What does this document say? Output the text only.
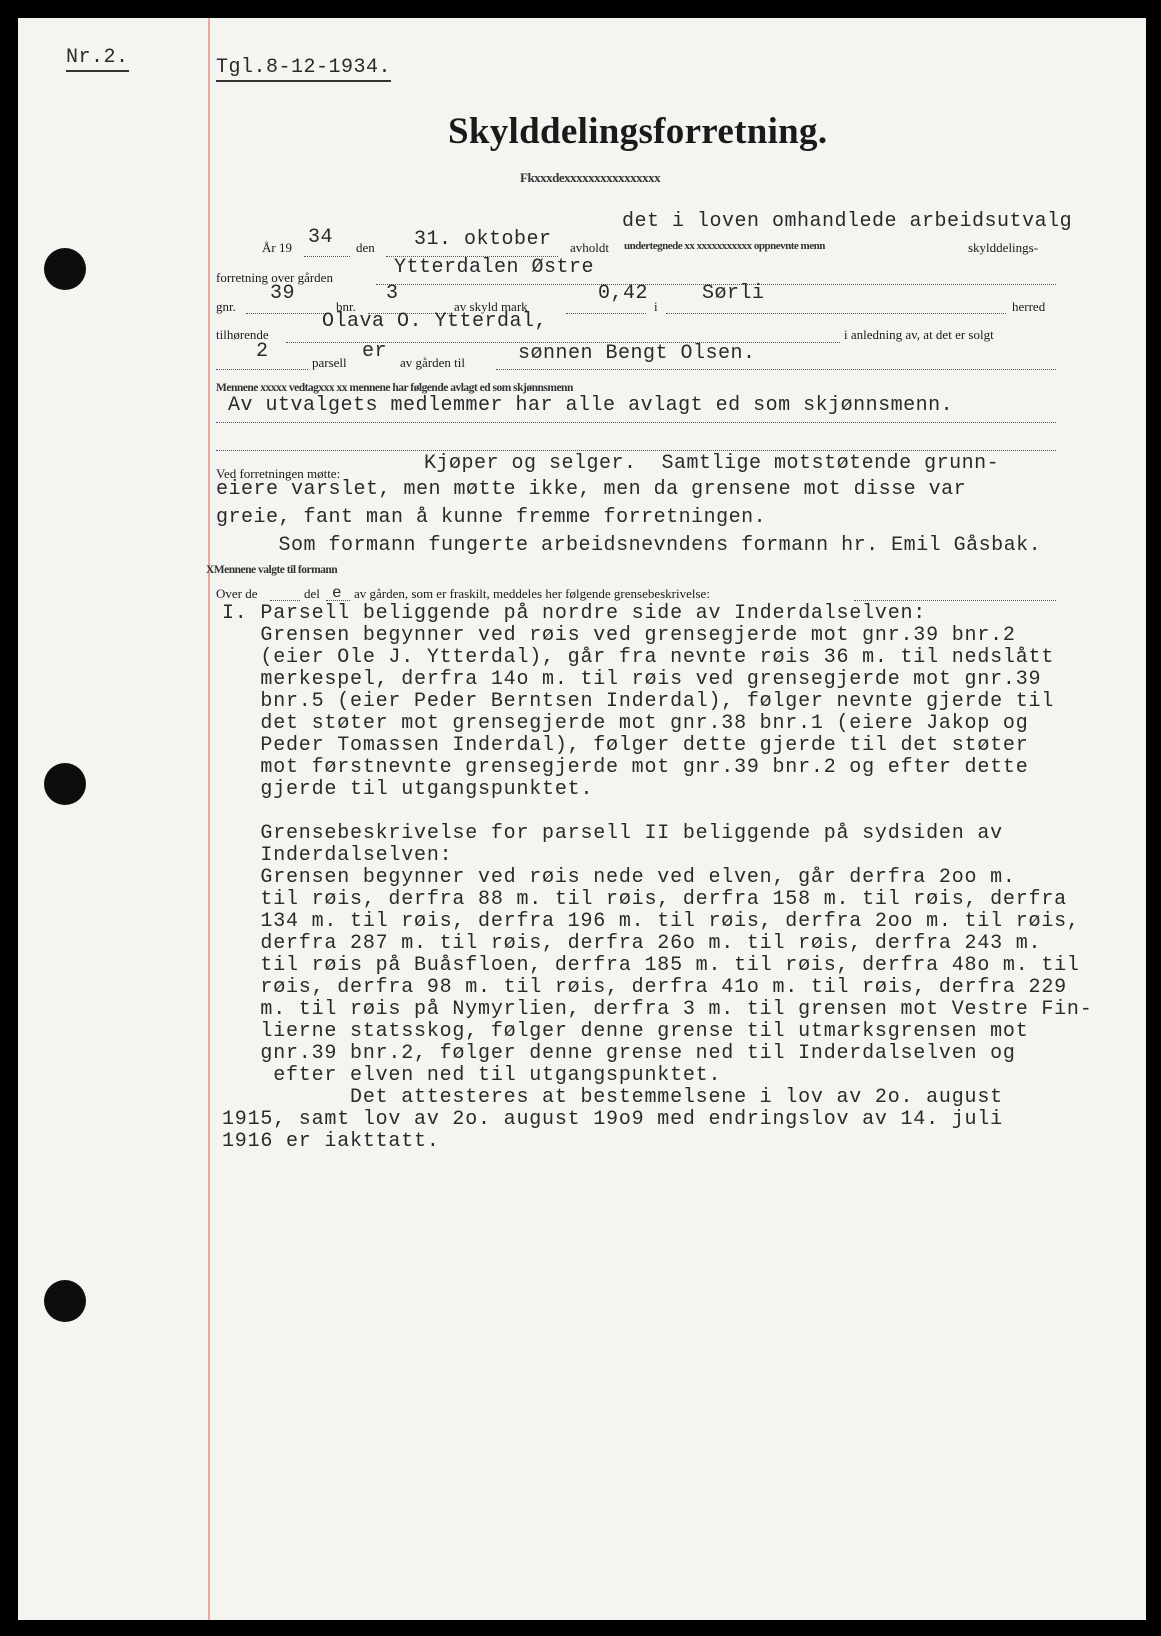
Nr.2.	Tgl.8-12-1934.
Skylddelingsforretning.
Fkxxxdexxxxxxxxxxxxxxxx
det i loven omhandlede arbeidsutvalg
År 19 34 den 31. oktober avholdt undertegnede xx xxxxxxxxxxx oppnevnte menn	skylddelings-
forretning over gården	Ytterdalen Østre
gnr.
39
bnr.
3
av skyld mark
0,42
i
Sørli
herred
tilhørende
Olava O. Ytterdal,
i anledning av, at det er solgt
2	parsell er av gården til	sønnen Bengt Olsen.
Mennene xxxxx vedtagxxx xx mennene har følgende avlagt ed som skjønnsmenn
Av utvalgets medlemmer har alle avlagt ed som skjønnsmenn.
Ved forretningen møtte:	Kjøper og selger.  Samtlige motstøtende grunn-
eiere varslet, men møtte ikke, men da grensene mot disse var
greie, fant man å kunne fremme forretningen.
Som formann fungerte arbeidsnevndens formann hr. Emil Gåsbak.
XMennene valgte til formann
Over de	del e av gården, som er fraskilt, meddeles her følgende grensebeskrivelse:
I. Parsell beliggende på nordre side av Inderdalselven:
Grensen begynner ved røis ved grensegjerde mot gnr.39 bnr.2
(eier Ole J. Ytterdal), går fra nevnte røis 36 m. til nedslått
merkespel, derfra 14o m. til røis ved grensegjerde mot gnr.39
bnr.5 (eier Peder Berntsen Inderdal), følger nevnte gjerde til
det støter mot grensegjerde mot gnr.38 bnr.1 (eiere Jakop og
Peder Tomassen Inderdal), følger dette gjerde til det støter
mot førstnevnte grensegjerde mot gnr.39 bnr.2 og efter dette
gjerde til utgangspunktet.
Grensebeskrivelse for parsell II beliggende på sydsiden av
Inderdalselven:
Grensen begynner ved røis nede ved elven, går derfra 2oo m.
til røis, derfra 88 m. til røis, derfra 158 m. til røis, derfra
134 m. til røis, derfra 196 m. til røis, derfra 2oo m. til røis,
derfra 287 m. til røis, derfra 26o m. til røis, derfra 243 m.
til røis på Buåsfloen, derfra 185 m. til røis, derfra 48o m. til
røis, derfra 98 m. til røis, derfra 41o m. til røis, derfra 229
m. til røis på Nymyrlien, derfra 3 m. til grensen mot Vestre Fin-
lierne statsskog, følger denne grense til utmarksgrensen mot
gnr.39 bnr.2, følger denne grense ned til Inderdalselven og
efter elven ned til utgangspunktet.
Det attesteres at bestemmelsene i lov av 2o. august
1915, samt lov av 2o. august 19o9 med endringslov av 14. juli
1916 er iakttatt.
